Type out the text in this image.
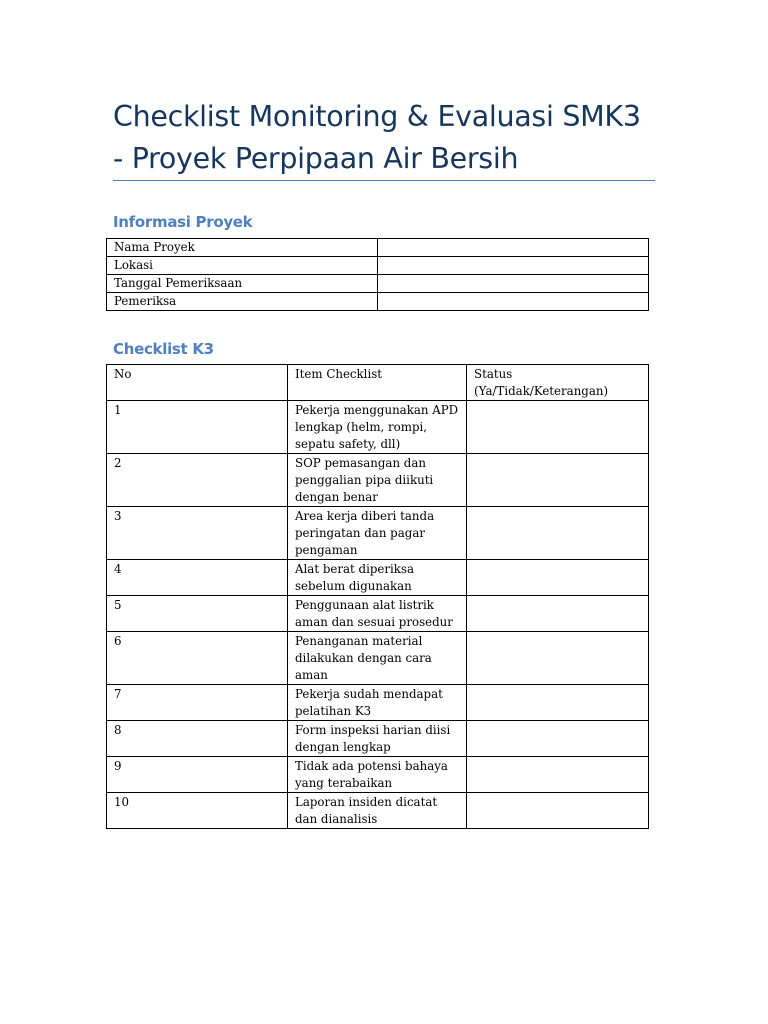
Checklist Monitoring & Evaluasi SMK3 - Proyek Perpipaan Air Bersih
Informasi Proyek
Nama Proyek	
Lokasi	
Tanggal Pemeriksaan	
Pemeriksa	
Checklist K3
No	Item Checklist	Status (Ya/Tidak/Keterangan)
1	Pekerja menggunakan APD lengkap (helm, rompi, sepatu safety, dll)	
2	SOP pemasangan dan penggalian pipa diikuti dengan benar	
3	Area kerja diberi tanda peringatan dan pagar pengaman	
4	Alat berat diperiksa sebelum digunakan	
5	Penggunaan alat listrik aman dan sesuai prosedur	
6	Penanganan material dilakukan dengan cara aman	
7	Pekerja sudah mendapat pelatihan K3	
8	Form inspeksi harian diisi dengan lengkap	
9	Tidak ada potensi bahaya yang terabaikan	
10	Laporan insiden dicatat dan dianalisis	
